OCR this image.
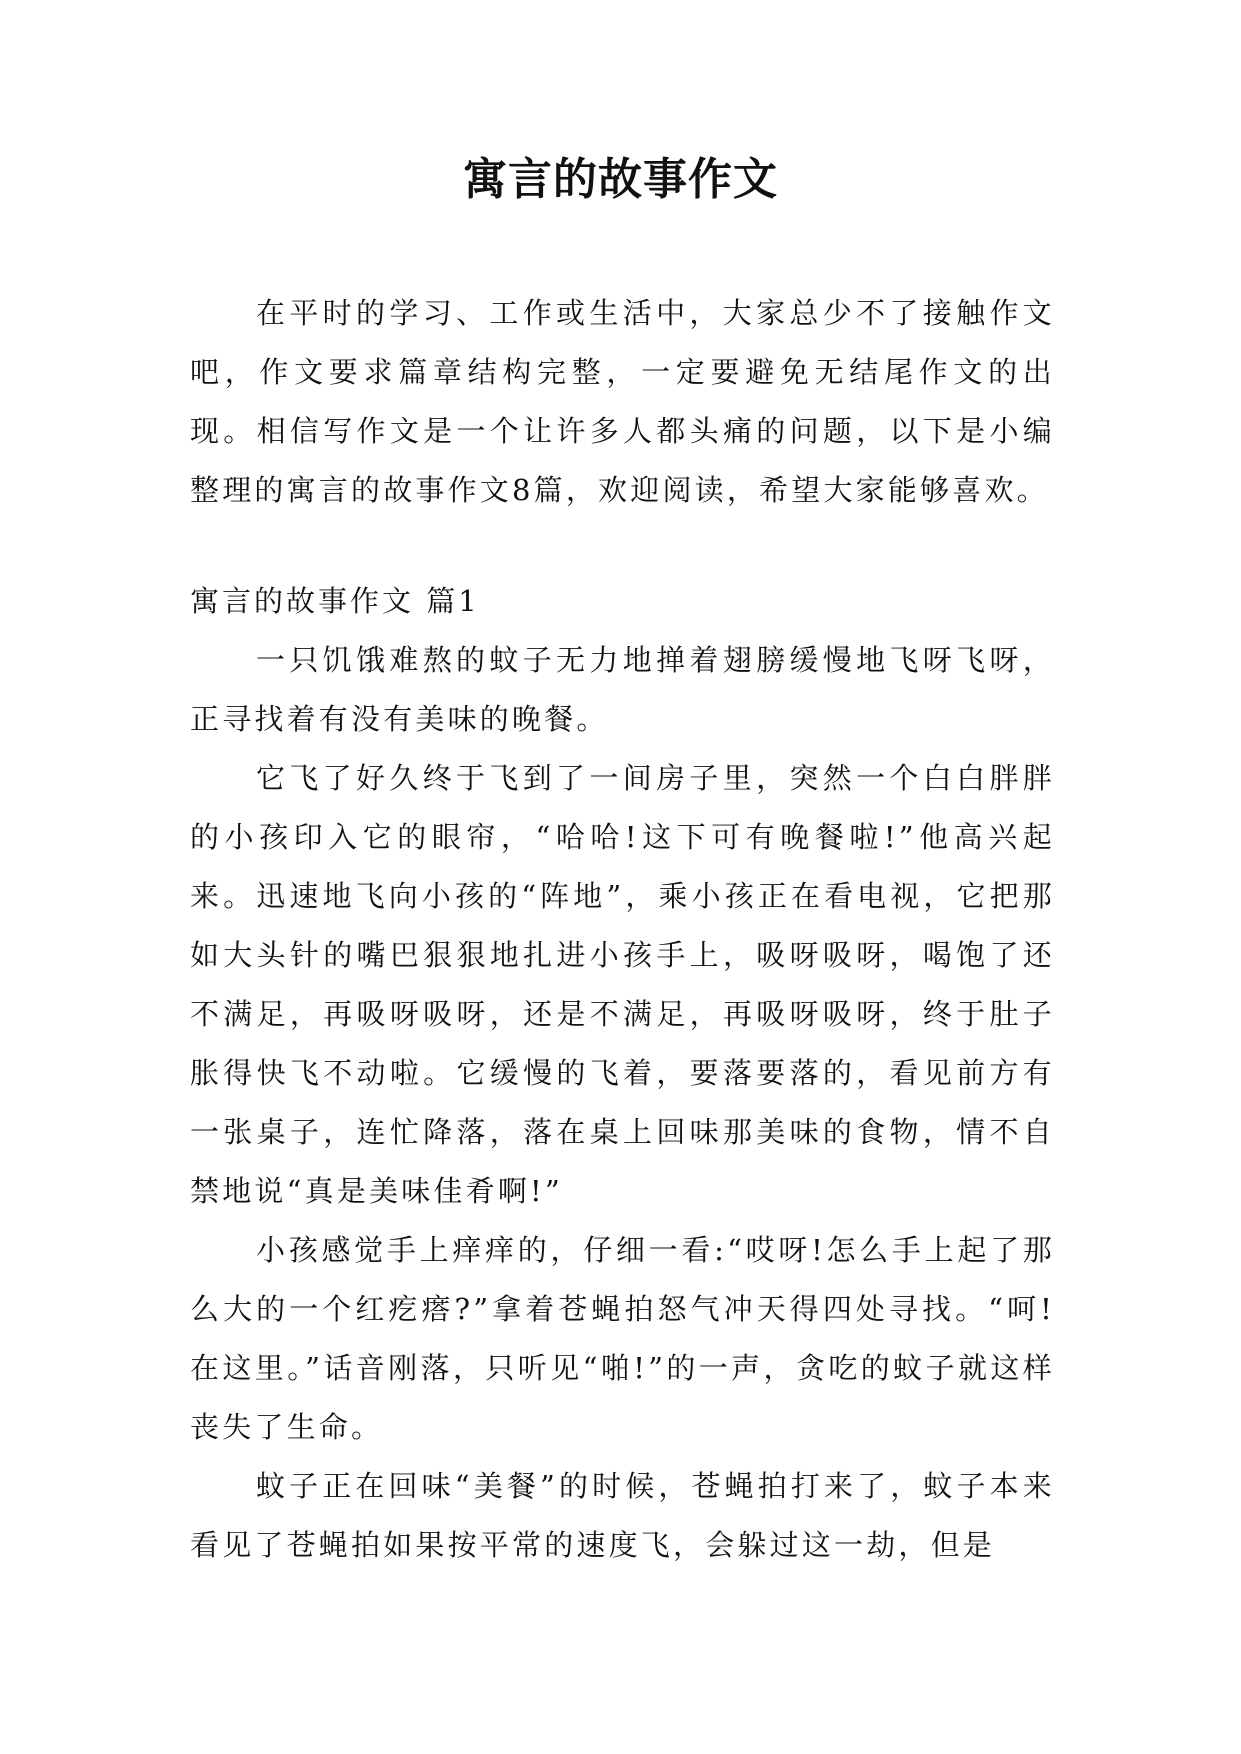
寓言的故事作文

在平时的学习、工作或生活中，大家总少不了接触作文吧，作文要求篇章结构完整，一定要避免无结尾作文的出现。相信写作文是一个让许多人都头痛的问题，以下是小编整理的寓言的故事作文8篇，欢迎阅读，希望大家能够喜欢。

寓言的故事作文 篇1

一只饥饿难熬的蚊子无力地掸着翅膀缓慢地飞呀飞呀，正寻找着有没有美味的晚餐。

它飞了好久终于飞到了一间房子里，突然一个白白胖胖的小孩印入它的眼帘，“哈哈!这下可有晚餐啦!”他高兴起来。迅速地飞向小孩的“阵地”，乘小孩正在看电视，它把那如大头针的嘴巴狠狠地扎进小孩手上，吸呀吸呀，喝饱了还不满足，再吸呀吸呀，还是不满足，再吸呀吸呀，终于肚子胀得快飞不动啦。它缓慢的飞着，要落要落的，看见前方有一张桌子，连忙降落，落在桌上回味那美味的食物，情不自禁地说“真是美味佳肴啊!”

小孩感觉手上痒痒的，仔细一看:“哎呀!怎么手上起了那么大的一个红疙瘩?”拿着苍蝇拍怒气冲天得四处寻找。“呵!在这里。”话音刚落，只听见“啪!”的一声，贪吃的蚊子就这样丧失了生命。

蚊子正在回味“美餐”的时候，苍蝇拍打来了，蚊子本来看见了苍蝇拍如果按平常的速度飞，会躲过这一劫，但是
